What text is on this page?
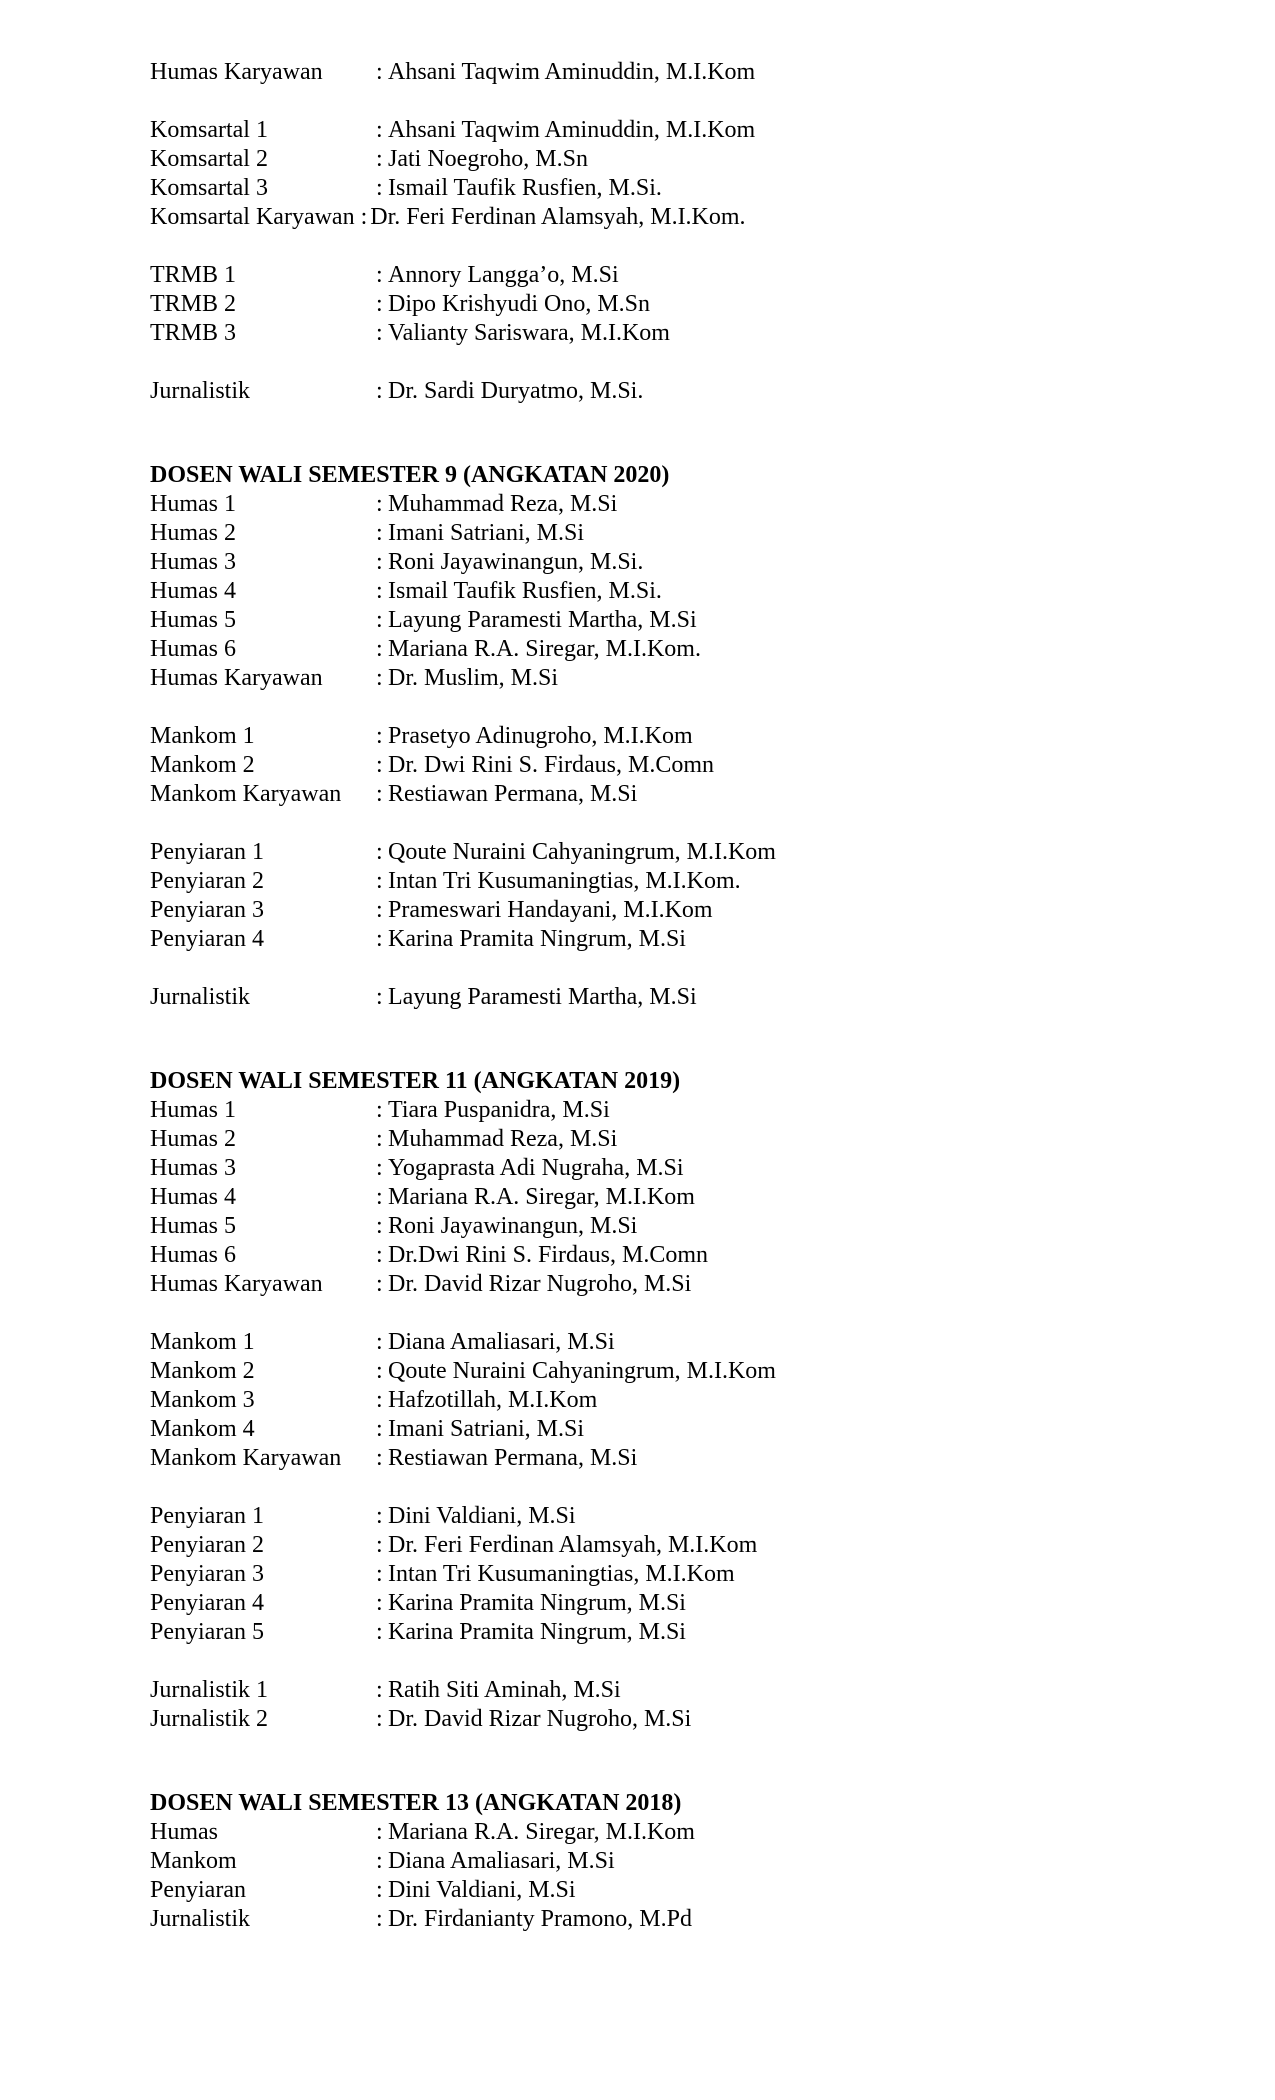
Humas Karyawan	: Ahsani Taqwim Aminuddin, M.I.Kom
Komsartal 1	: Ahsani Taqwim Aminuddin, M.I.Kom
Komsartal 2	: Jati Noegroho, M.Sn
Komsartal 3	: Ismail Taufik Rusfien, M.Si.
Komsartal Karyawan : Dr. Feri Ferdinan Alamsyah, M.I.Kom.
TRMB 1	: Annory Langga’o, M.Si
TRMB 2	: Dipo Krishyudi Ono, M.Sn
TRMB 3	: Valianty Sariswara, M.I.Kom
Jurnalistik	: Dr. Sardi Duryatmo, M.Si.
DOSEN WALI SEMESTER 9 (ANGKATAN 2020)
Humas 1	: Muhammad Reza, M.Si
Humas 2	: Imani Satriani, M.Si
Humas 3	: Roni Jayawinangun, M.Si.
Humas 4	: Ismail Taufik Rusfien, M.Si.
Humas 5	: Layung Paramesti Martha, M.Si
Humas 6	: Mariana R.A. Siregar, M.I.Kom.
Humas Karyawan	: Dr. Muslim, M.Si
Mankom 1	: Prasetyo Adinugroho, M.I.Kom
Mankom 2	: Dr. Dwi Rini S. Firdaus, M.Comn
Mankom Karyawan	: Restiawan Permana, M.Si
Penyiaran 1	: Qoute Nuraini Cahyaningrum, M.I.Kom
Penyiaran 2	: Intan Tri Kusumaningtias, M.I.Kom.
Penyiaran 3	: Prameswari Handayani, M.I.Kom
Penyiaran 4	: Karina Pramita Ningrum, M.Si
Jurnalistik	: Layung Paramesti Martha, M.Si
DOSEN WALI SEMESTER 11 (ANGKATAN 2019)
Humas 1	: Tiara Puspanidra, M.Si
Humas 2	: Muhammad Reza, M.Si
Humas 3	: Yogaprasta Adi Nugraha, M.Si
Humas 4	: Mariana R.A. Siregar, M.I.Kom
Humas 5	: Roni Jayawinangun, M.Si
Humas 6	: Dr.Dwi Rini S. Firdaus, M.Comn
Humas Karyawan	: Dr. David Rizar Nugroho, M.Si
Mankom 1	: Diana Amaliasari, M.Si
Mankom 2	: Qoute Nuraini Cahyaningrum, M.I.Kom
Mankom 3	: Hafzotillah, M.I.Kom
Mankom 4	: Imani Satriani, M.Si
Mankom Karyawan	: Restiawan Permana, M.Si
Penyiaran 1	: Dini Valdiani, M.Si
Penyiaran 2	: Dr. Feri Ferdinan Alamsyah, M.I.Kom
Penyiaran 3	: Intan Tri Kusumaningtias, M.I.Kom
Penyiaran 4	: Karina Pramita Ningrum, M.Si
Penyiaran 5	: Karina Pramita Ningrum, M.Si
Jurnalistik 1	: Ratih Siti Aminah, M.Si
Jurnalistik 2	: Dr. David Rizar Nugroho, M.Si
DOSEN WALI SEMESTER 13 (ANGKATAN 2018)
Humas	: Mariana R.A. Siregar, M.I.Kom
Mankom	: Diana Amaliasari, M.Si
Penyiaran	: Dini Valdiani, M.Si
Jurnalistik	: Dr. Firdanianty Pramono, M.Pd
